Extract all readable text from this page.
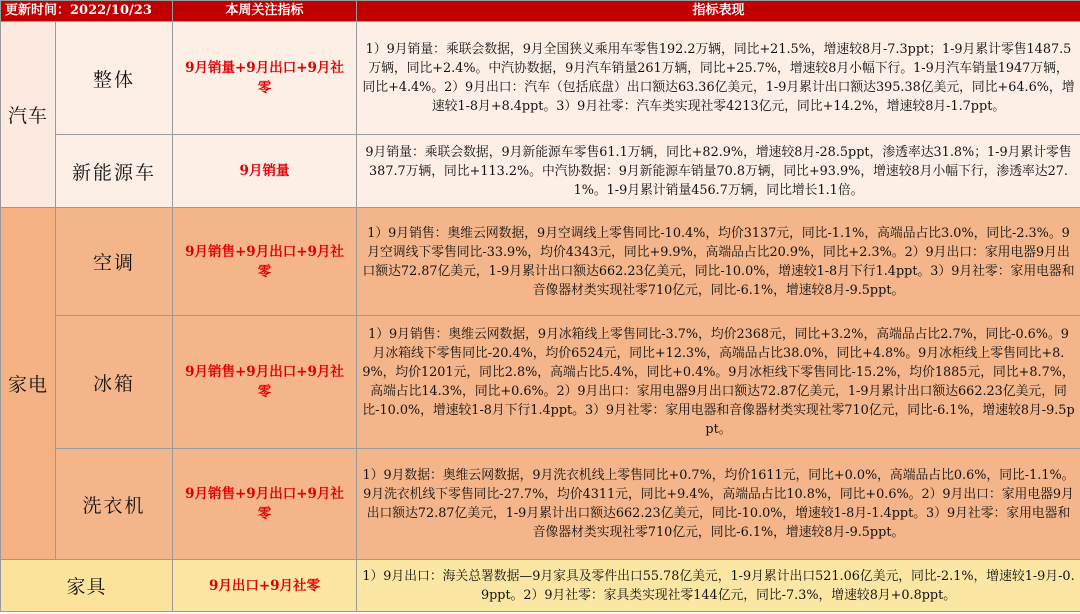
更新时间：2022/10/23		本周关注指标	指标表现
汽车	整体	9月销量+9月出口+9月社零	1）9月销量：乘联会数据，9月全国狭义乘用车零售192.2万辆，同比+21.5%，增速较8月-7.3ppt；1-9月累计零售1487.5万辆，同比+2.4%。中汽协数据，9月汽车销量261万辆，同比+25.7%，增速较8月小幅下行。1-9月汽车销量1947万辆，同比+4.4%。2）9月出口：汽车（包括底盘）出口额达63.36亿美元，1-9月累计出口额达395.38亿美元，同比+64.6%，增速较1-8月+8.4ppt。3）9月社零：汽车类实现社零4213亿元，同比+14.2%，增速较8月-1.7ppt。

	新能源车	9月销量	9月销量：乘联会数据，9月新能源车零售61.1万辆，同比+82.9%，增速较8月-28.5ppt，渗透率达31.8%；1-9月累计零售387.7万辆，同比+113.2%。中汽协数据：9月新能源车销量70.8万辆，同比+93.9%，增速较8月小幅下行，渗透率达27.1%。1-9月累计销量456.7万辆，同比增长1.1倍。

家电	空调	9月销售+9月出口+9月社零	1）9月销售：奥维云网数据，9月空调线上零售同比-10.4%，均价3137元，同比-1.1%，高端品占比3.0%，同比-2.3%。9月空调线下零售同比-33.9%，均价4343元，同比+9.9%，高端品占比20.9%，同比+2.3%。2）9月出口：家用电器9月出口额达72.87亿美元，1-9月累计出口额达662.23亿美元，同比-10.0%，增速较1-8月下行1.4ppt。3）9月社零：家用电器和音像器材类实现社零710亿元，同比-6.1%，增速较8月-9.5ppt。

	冰箱	9月销售+9月出口+9月社零	1）9月销售：奥维云网数据，9月冰箱线上零售同比-3.7%，均价2368元，同比+3.2%，高端品占比2.7%，同比-0.6%。9月冰箱线下零售同比-20.4%，均价6524元，同比+12.3%，高端品占比38.0%，同比+4.8%。9月冰柜线上零售同比+8.9%，均价1201元，同比2.8%，高端占比5.4%，同比+0.4%。9月冰柜线下零售同比-15.2%，均价1885元，同比+8.7%，高端占比14.3%，同比+0.6%。2）9月出口：家用电器9月出口额达72.87亿美元，1-9月累计出口额达662.23亿美元，同比-10.0%，增速较1-8月下行1.4ppt。3）9月社零：家用电器和音像器材类实现社零710亿元，同比-6.1%，增速较8月-9.5ppt。

	洗衣机	9月销售+9月出口+9月社零	1）9月数据：奥维云网数据，9月洗衣机线上零售同比+0.7%，均价1611元，同比+0.0%，高端品占比0.6%，同比-1.1%。9月洗衣机线下零售同比-27.7%，均价4311元，同比+9.4%，高端品占比10.8%，同比+0.6%。2）9月出口：家用电器9月出口额达72.87亿美元，1-9月累计出口额达662.23亿美元，同比-10.0%，增速较1-8月-1.4ppt。3）9月社零：家用电器和音像器材类实现社零710亿元，同比-6.1%，增速较8月-9.5ppt。

家具		9月出口+9月社零	1）9月出口：海关总署数据—9月家具及零件出口55.78亿美元，1-9月累计出口521.06亿美元，同比-2.1%，增速较1-9月-0.9ppt。2）9月社零：家具类实现社零144亿元，同比-7.3%，增速较8月+0.8ppt。
